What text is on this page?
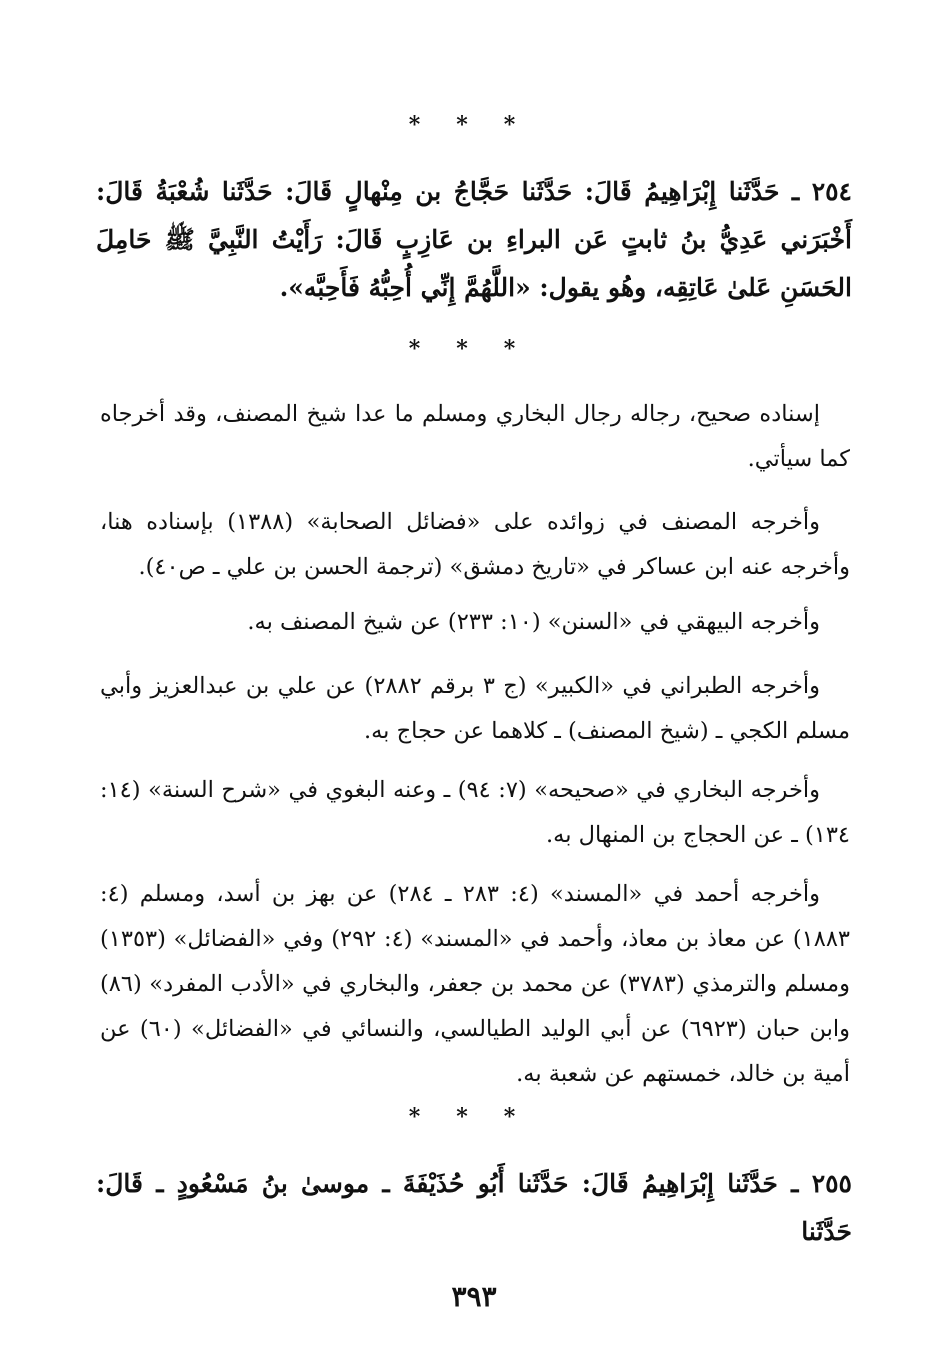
* * *
٢٥٤ ـ حَدَّثَنا إِبْرَاهِيمُ قَالَ: حَدَّثَنا حَجَّاجُ بن مِنْهالٍ قَالَ: حَدَّثَنا شُعْبَةُ قَالَ: أَخْبَرَني عَدِيُّ بنُ ثابتٍ عَن البراءِ بن عَازِبٍ قَالَ: رَأَيْتُ النَّبِيَّ ﷺ حَامِلَ الحَسَنِ عَلىٰ عَاتِقِه، وهُو يقول: «اللَّهُمَّ إِنِّي أُحِبُّهُ فَأَحِبَّه».
* * *
إسناده صحيح، رجاله رجال البخاري ومسلم ما عدا شيخ المصنف، وقد أخرجاه كما سيأتي.
وأخرجه المصنف في زوائده على «فضائل الصحابة» (١٣٨٨) بإسناده هنا، وأخرجه عنه ابن عساكر في «تاريخ دمشق» (ترجمة الحسن بن علي ـ ص٤٠).
وأخرجه البيهقي في «السنن» (١٠: ٢٣٣) عن شيخ المصنف به.
وأخرجه الطبراني في «الكبير» (ج ٣ برقم ٢٨٨٢) عن علي بن عبدالعزيز وأبي مسلم الكجي ـ (شيخ المصنف) ـ كلاهما عن حجاج به.
وأخرجه البخاري في «صحيحه» (٧: ٩٤) ـ وعنه البغوي في «شرح السنة» (١٤: ١٣٤) ـ عن الحجاج بن المنهال به.
وأخرجه أحمد في «المسند» (٤: ٢٨٣ ـ ٢٨٤) عن بهز بن أسد، ومسلم (٤: ١٨٨٣) عن معاذ بن معاذ، وأحمد في «المسند» (٤: ٢٩٢) وفي «الفضائل» (١٣٥٣) ومسلم والترمذي (٣٧٨٣) عن محمد بن جعفر، والبخاري في «الأدب المفرد» (٨٦) وابن حبان (٦٩٢٣) عن أبي الوليد الطيالسي، والنسائي في «الفضائل» (٦٠) عن أمية بن خالد، خمستهم عن شعبة به.
* * *
٢٥٥ ـ حَدَّثَنا إِبْرَاهِيمُ قَالَ: حَدَّثَنا أَبُو حُذَيْفَةَ ـ موسىٰ بنُ مَسْعُودٍ ـ قَالَ: حَدَّثَنا
٣٩٣
